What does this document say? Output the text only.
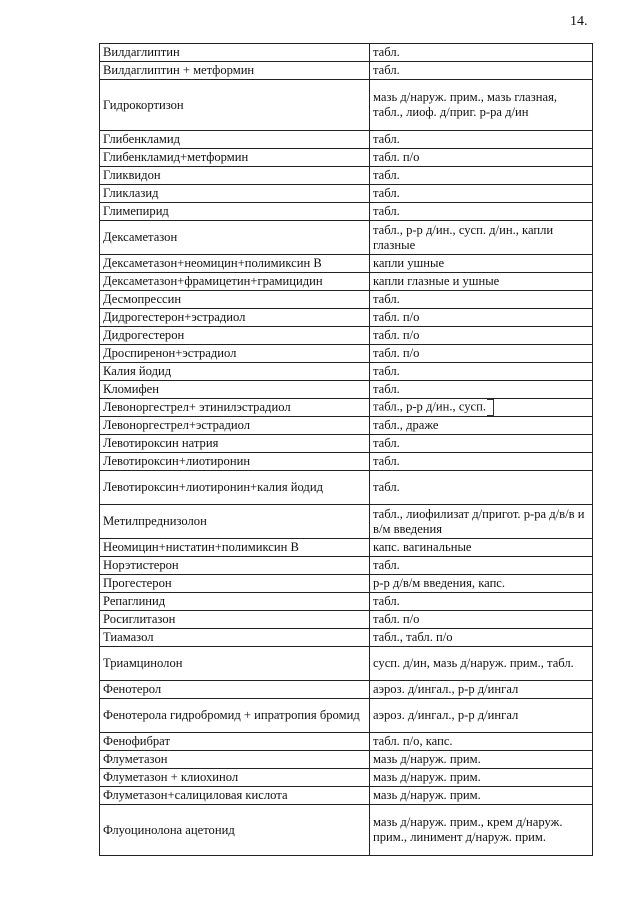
14.
Вилдаглиптин	табл.
Вилдаглиптин + метформин	табл.
Гидрокортизон	мазь д/наруж. прим., мазь глазная, табл., лиоф. д/приг. р-ра д/ин
Глибенкламид	табл.
Глибенкламид+метформин	табл. п/о
Гликвидон	табл.
Гликлазид	табл.
Глимепирид	табл.
Дексаметазон	табл., р-р д/ин., сусп. д/ин., капли глазные
Дексаметазон+неомицин+полимиксин В	капли ушные
Дексаметазон+фрамицетин+грамицидин	капли глазные и ушные
Десмопрессин	табл.
Дидрогестерон+эстрадиол	табл. п/о
Дидрогестерон	табл. п/о
Дроспиренон+эстрадиол	табл. п/о
Калия йодид	табл.
Кломифен	табл.
Левоноргестрел+ этинилэстрадиол	табл., р-р д/ин., сусп.
Левоноргестрел+эстрадиол	табл., драже
Левотироксин натрия	табл.
Левотироксин+лиотиронин	табл.
Левотироксин+лиотиронин+калия йодид	табл.
Метилпреднизолон	табл., лиофилизат д/пригот. р-ра д/в/в и в/м введения
Неомицин+нистатин+полимиксин В	капс. вагинальные
Норэтистерон	табл.
Прогестерон	р-р д/в/м введения, капс.
Репаглинид	табл.
Росиглитазон	табл. п/о
Тиамазол	табл., табл. п/о
Триамцинолон	сусп. д/ин, мазь д/наруж. прим., табл.
Фенотерол	аэроз. д/ингал., р-р д/ингал
Фенотерола гидробромид + ипратропия бромид	аэроз. д/ингал., р-р д/ингал
Фенофибрат	табл. п/о, капс.
Флуметазон	мазь д/наруж. прим.
Флуметазон + клиохинол	мазь д/наруж. прим.
Флуметазон+салициловая кислота	мазь д/наруж. прим.
Флуоцинолона ацетонид	мазь д/наруж. прим., крем д/наруж. прим., линимент д/наруж. прим.
